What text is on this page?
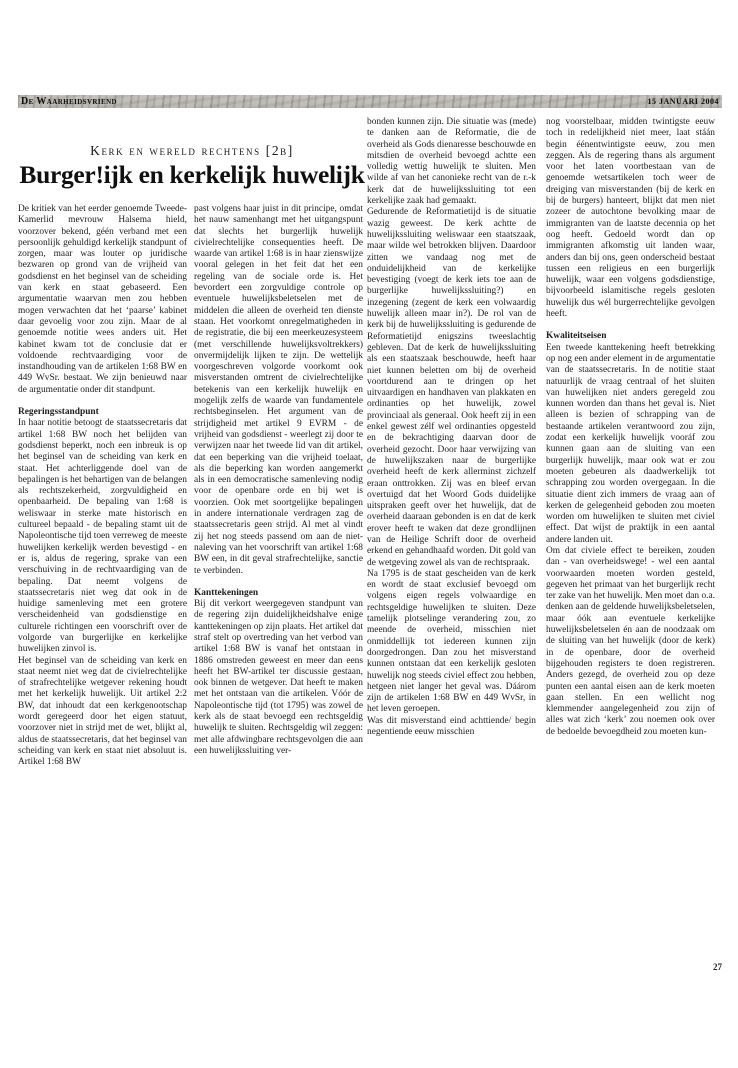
De Waarheidsvriend	15 JANUARI 2004
Kerk en wereld rechtens [2b]
Burger!ijk en kerkelijk huwelijk

De kritiek van het eerder genoemde Tweede-Kamerlid mevrouw Halsema hield, voorzover bekend, géén verband met een persoonlijk gehuldigd kerkelijk standpunt of zorgen, maar was louter op juridische bezwaren op grond van de vrijheid van godsdienst en het beginsel van de scheiding van kerk en staat gebaseerd. Een argumentatie waarvan men zou hebben mogen verwachten dat het ‘paarse’ kabinet daar gevoelig voor zou zijn. Maar de al genoemde notitie wees anders uit. Het kabinet kwam tot de conclusie dat er voldoende rechtvaardiging voor de instandhouding van de artikelen 1:68 BW en 449 WvSr. bestaat. We zijn benieuwd naar de argumentatie onder dit standpunt.

Regeringsstandpunt

In haar notitie betoogt de staatssecretaris dat artikel 1:68 BW noch het belijden van godsdienst beperkt, noch een inbreuk is op het beginsel van de scheiding van kerk en staat. Het achterliggende doel van de bepalingen is het behartigen van de belangen als rechtszekerheid, zorgvuldigheid en openbaarheid. De bepaling van 1:68 is weliswaar in sterke mate historisch en cultureel bepaald - de bepaling stamt uit de Napoleontische tijd toen verreweg de meeste huwelijken kerkelijk werden bevestigd - en er is, aldus de regering, sprake van een verschuiving in de rechtvaardiging van de bepaling. Dat neemt volgens de staatssecretaris niet weg dat ook in de huidige samenleving met een grotere verscheidenheid van godsdienstige en culturele richtingen een voorschrift over de volgorde van burgerlijke en kerkelijke huwelijken zinvol is.

Het beginsel van de scheiding van kerk en staat neemt niet weg dat de civielrechtelijke of strafrechtelijke wetgever rekening houdt met het kerkelijk huwelijk. Uit artikel 2:2 BW, dat inhoudt dat een kerkgenootschap wordt geregeerd door het eigen statuut, voorzover niet in strijd met de wet, blijkt al, aldus de staatssecretaris, dat het beginsel van scheiding van kerk en staat niet absoluut is. Artikel 1:68 BW

past volgens haar juist in dit principe, omdat het nauw samenhangt met het uitgangspunt dat slechts het burgerlijk huwelijk civielrechtelijke consequenties heeft. De waarde van artikel 1:68 is in haar zienswijze vooral gelegen in het feit dat het een regeling van de sociale orde is. Het bevordert een zorgvuldige controle op eventuele huwelijksbeletselen met de middelen die alleen de overheid ten dienste staan. Het voorkomt onregelmatigheden in de registratie, die bij een meerkeuzesysteem (met verschillende huwelijksvoltrekkers) onvermijdelijk lijken te zijn. De wettelijk voorgeschreven volgorde voorkomt ook misverstanden omtrent de civielrechtelijke betekenis van een kerkelijk huwelijk en mogelijk zelfs de waarde van fundamentele rechtsbeginselen. Het argument van de strijdigheid met artikel 9 EVRM - de vrijheid van godsdienst - weerlegt zij door te verwijzen naar het tweede lid van dit artikel, dat een beperking van die vrijheid toelaat, als die beperking kan worden aangemerkt als in een democratische samenleving nodig voor de openbare orde en bij wet is voorzien. Ook met soortgelijke bepalingen in andere internationale verdragen zag de staatssecretaris geen strijd. Al met al vindt zij het nog steeds passend om aan de niet-naleving van het voorschrift van artikel 1:68 BW een, in dit geval strafrechtelijke, sanctie te verbinden.

Kanttekeningen

Bij dit verkort weergegeven standpunt van de regering zijn duidelijkheidshalve enige kanttekeningen op zijn plaats. Het artikel dat straf stelt op overtreding van het verbod van artikel 1:68 BW is vanaf het ontstaan in 1886 omstreden geweest en meer dan eens heeft het BW-artikel ter discussie gestaan, ook binnen de wetgever. Dat heeft te maken met het ontstaan van die artikelen. Vóór de Napoleontische tijd (tot 1795) was zowel de kerk als de staat bevoegd een rechtsgeldig huwelijk te sluiten. Rechtsgeldig wil zeggen: met alle afdwingbare rechtsgevolgen die aan een huwelijkssluiting ver-

bonden kunnen zijn. Die situatie was (mede) te danken aan de Reformatie, die de overheid als Gods dienaresse beschouwde en mitsdien de overheid bevoegd achtte een volledig wettig huwelijk te sluiten. Men wilde af van het canonieke recht van de r.-k kerk dat de huwelijkssluiting tot een kerkelijke zaak had gemaakt.

Gedurende de Reformatietijd is de situatie wazig geweest. De kerk achtte de huwelijkssluiting weliswaar een staatszaak, maar wilde wel betrokken blijven. Daardoor zitten we vandaag nog met de onduidelijkheid van de kerkelijke bevestiging (voegt de kerk iets toe aan de burgerlijke huwelijkssluiting?) en inzegening (zegent de kerk een volwaardig huwelijk alleen maar in?). De rol van de kerk bij de huwelijkssluiting is gedurende de Reformatietijd enigszins tweeslachtig gebleven. Dat de kerk de huwelijkssluiting als een staatszaak beschouwde, heeft haar niet kunnen beletten om bij de overheid voortdurend aan te dringen op het uitvaardigen en handhaven van plakkaten en ordinanties op het huwelijk, zowel provinciaal als generaal. Ook heeft zij in een enkel gewest zélf wel ordinanties opgesteld en de bekrachtiging daarvan door de overheid gezocht. Door haar verwijzing van de huwelijkszaken naar de burgerlijke overheid heeft de kerk allerminst zichzelf eraan onttrokken. Zij was en bleef ervan overtuigd dat het Woord Gods duidelijke uitspraken geeft over het huwelijk, dat de overheid daaraan gebonden is en dat de kerk erover heeft te waken dat deze grondlijnen van de Heilige Schrift door de overheid erkend en gehandhaafd worden. Dit gold van de wetgeving zowel als van de rechtspraak.

Na 1795 is de staat gescheiden van de kerk en wordt de staat exclusief bevoegd om volgens eigen regels volwaardige en rechtsgeldige huwelijken te sluiten. Deze tamelijk plotselinge verandering zou, zo meende de overheid, misschien niet onmiddellijk tot iedereen kunnen zijn doorgedrongen. Dan zou het misverstand kunnen ontstaan dat een kerkelijk gesloten huwelijk nog steeds civiel effect zou hebben, hetgeen niet langer het geval was. Dáárom zijn de artikelen 1:68 BW en 449 WvSr, in het leven geroepen.

Was dit misverstand eind achttiende/ begin negentiende eeuw misschien

nog voorstelbaar, midden twintigste eeuw toch in redelijkheid niet meer, laat stáán begin éénentwintigste eeuw, zou men zeggen. Als de regering thans als argument voor het laten voortbestaan van de genoemde wetsartikelen toch weer de dreiging van misverstanden (bij de kerk en bij de burgers) hanteert, blijkt dat men niet zozeer de autochtone bevolking maar de immigranten van de laatste decennia op het oog heeft. Gedoeld wordt dan op immigranten afkomstig uit landen waar, anders dan bij ons, geen onderscheid bestaat tussen een religieus en een burgerlijk huwelijk, waar een volgens godsdienstige, bijvoorbeeld islamitische regels gesloten huwelijk dus wél burgerrechtelijke gevolgen heeft.

Kwaliteitseisen

Een tweede kanttekening heeft betrekking op nog een ander element in de argumentatie van de staatssecretaris. In de notitie staat natuurlijk de vraag centraal of het sluiten van huwelijken niet anders geregeld zou kunnen worden dan thans het geval is. Niet alleen is bezien of schrapping van de bestaande artikelen verantwoord zou zijn, zodat een kerkelijk huwelijk vooráf zou kunnen gaan aan de sluiting van een burgerlijk huwelijk, maar ook wat er zou moeten gebeuren als daadwerkelijk tot schrapping zou worden overgegaan. In die situatie dient zich immers de vraag aan of kerken de gelegenheid geboden zou moeten worden om huwelijken te sluiten met civiel effect. Dat wijst de praktijk in een aantal andere landen uit.

Om dat civiele effect te bereiken, zouden dan - van overheidswege! - wel een aantal voorwaarden moeten worden gesteld, gegeven het primaat van het burgerlijk recht ter zake van het huwelijk. Men moet dan o.a. denken aan de geldende huwelijksbeletselen, maar óók aan eventuele kerkelijke huwelijksbeletselen én aan de noodzaak om de sluiting van het huwelijk (door de kerk) in de openbare, door de overheid bijgehouden registers te doen registreren. Anders gezegd, de overheid zou op deze punten een aantal eisen aan de kerk moeten gaan stellen. En een wellicht nog klemmender aangelegenheid zou zijn of alles wat zich ‘kerk’ zou noemen ook over de bedoelde bevoegdheid zou moeten kun-

27
